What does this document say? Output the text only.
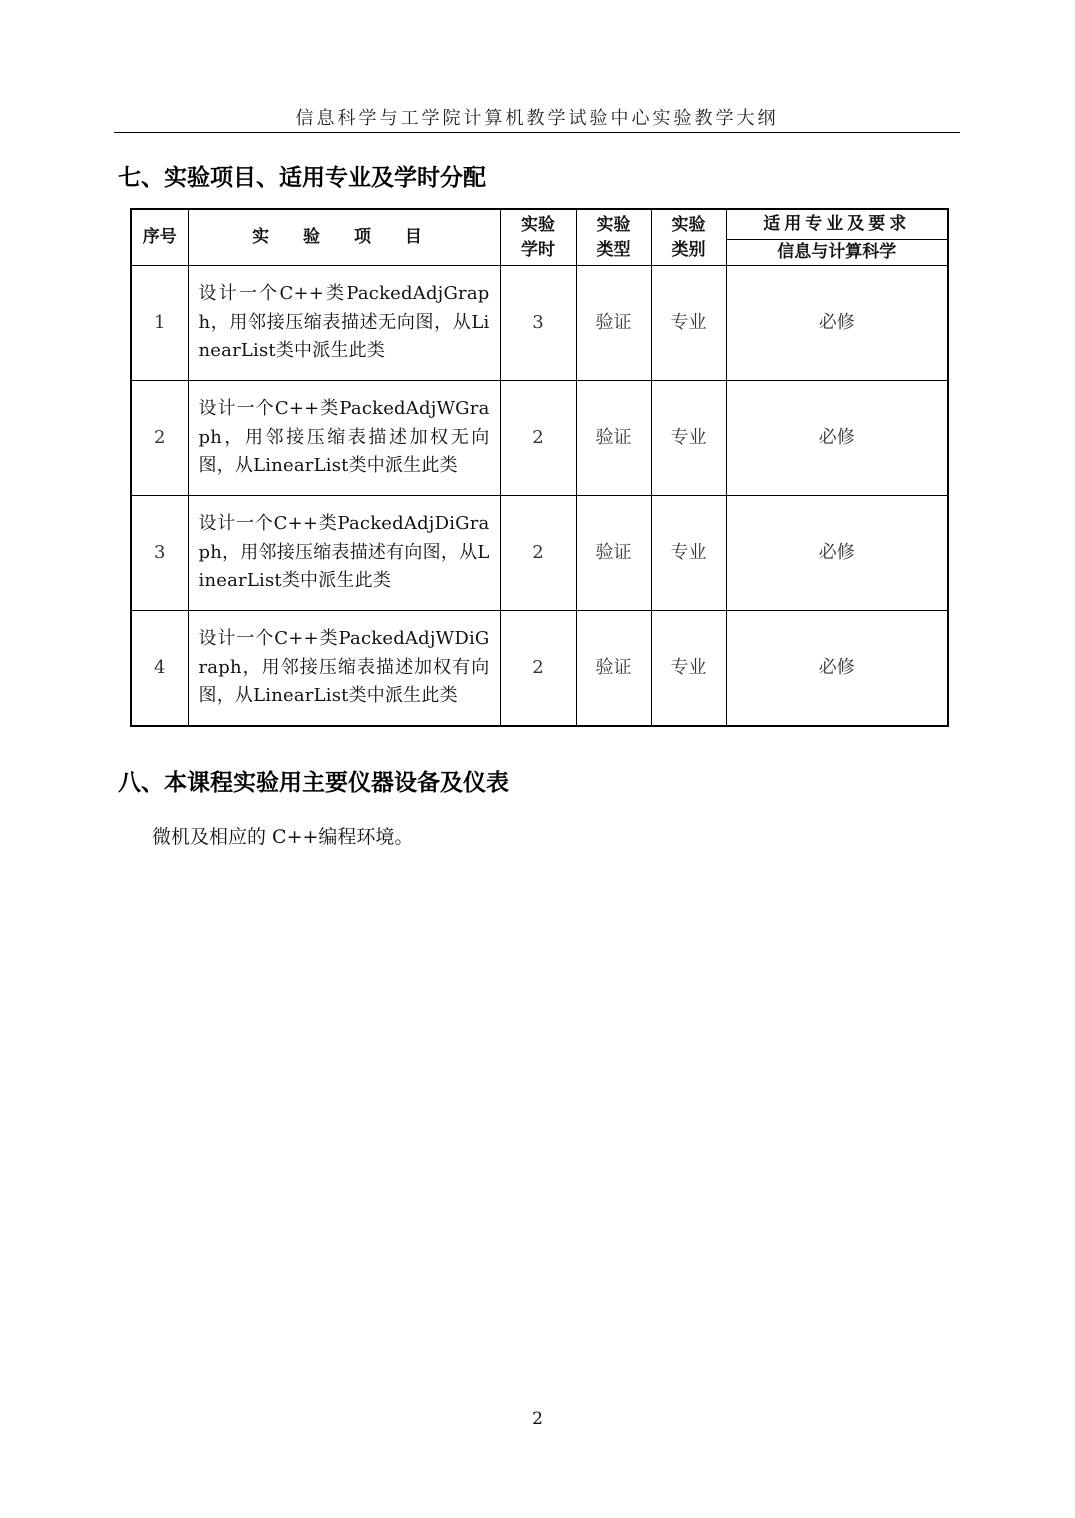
信息科学与工学院计算机教学试验中心实验教学大纲
七、实验项目、适用专业及学时分配
序号	实 验 项 目	实验学时	实验类型	实验类别	适用专业及要求
					信息与计算科学
1	设计一个C++类PackedAdjGraph，用邻接压缩表描述无向图，从LinearList类中派生此类	3	验证	专业	必修
2	设计一个C++类PackedAdjWGraph，用邻接压缩表描述加权无向图，从LinearList类中派生此类	2	验证	专业	必修
3	设计一个C++类PackedAdjDiGraph，用邻接压缩表描述有向图，从LinearList类中派生此类	2	验证	专业	必修
4	设计一个C++类PackedAdjWDiGraph，用邻接压缩表描述加权有向图，从LinearList类中派生此类	2	验证	专业	必修
八、本课程实验用主要仪器设备及仪表
微机及相应的 C++编程环境。
2
